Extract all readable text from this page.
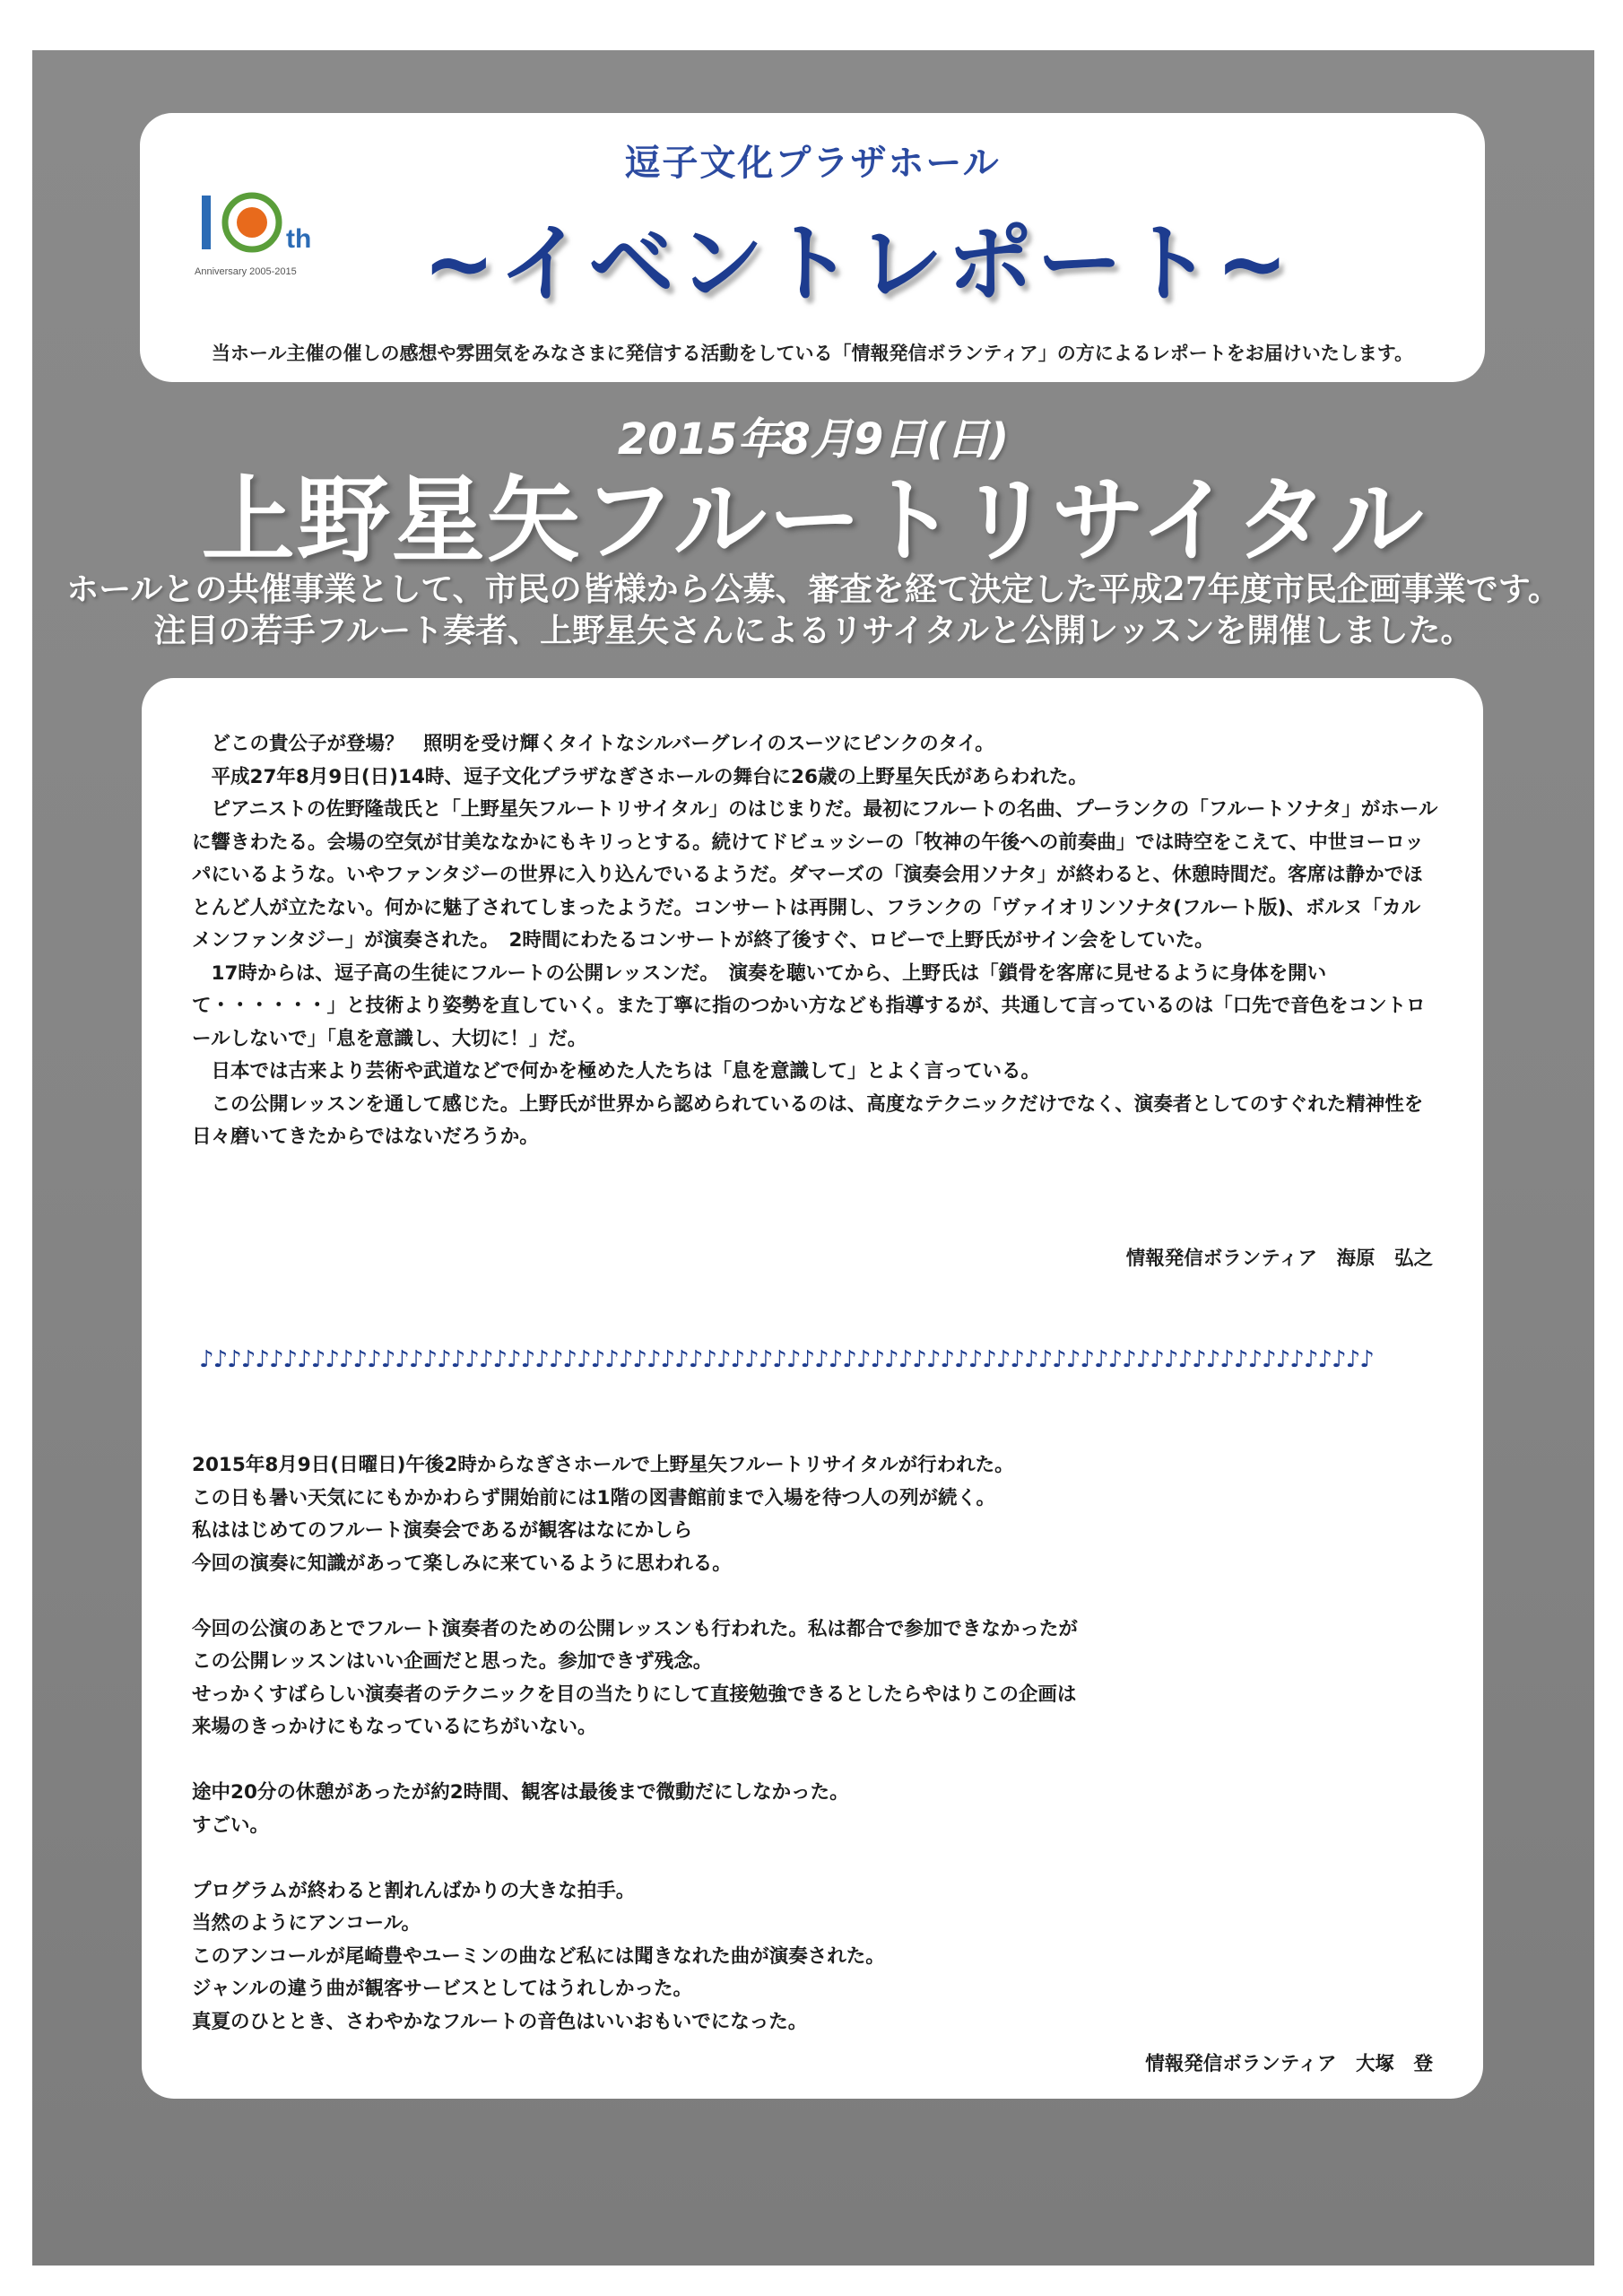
th
Anniversary 2005-2015
逗子文化プラザホール
~イベントレポート~
当ホール主催の催しの感想や雰囲気をみなさまに発信する活動をしている「情報発信ボランティア」の方によるレポートをお届けいたします。
2015年8月9日(日)
上野星矢フルートリサイタル
ホールとの共催事業として、市民の皆様から公募、審査を経て決定した平成27年度市民企画事業です。
注目の若手フルート奏者、上野星矢さんによるリサイタルと公開レッスンを開催しました。

どこの貴公子が登場？　照明を受け輝くタイトなシルバーグレイのスーツにピンクのタイ。

平成27年8月9日(日)14時、逗子文化プラザなぎさホールの舞台に26歳の上野星矢氏があらわれた。

ピアニストの佐野隆哉氏と「上野星矢フルートリサイタル」のはじまりだ。最初にフルートの名曲、プーランクの「フルートソナタ」がホールに響きわたる。会場の空気が甘美ななかにもキリっとする。続けてドビュッシーの「牧神の午後への前奏曲」では時空をこえて、中世ヨーロッパにいるような。いやファンタジーの世界に入り込んでいるようだ。ダマーズの「演奏会用ソナタ」が終わると、休憩時間だ。客席は静かでほとんど人が立たない。何かに魅了されてしまったようだ。コンサートは再開し、フランクの「ヴァイオリンソナタ(フルート版)、ボルヌ「カルメンファンタジー」が演奏された。　2時間にわたるコンサートが終了後すぐ、ロビーで上野氏がサイン会をしていた。

17時からは、逗子高の生徒にフルートの公開レッスンだ。　演奏を聴いてから、上野氏は「鎖骨を客席に見せるように身体を開いて・・・・・・」と技術より姿勢を直していく。また丁寧に指のつかい方なども指導するが、共通して言っているのは「口先で音色をコントロールしないで」「息を意識し、大切に！」だ。

日本では古来より芸術や武道などで何かを極めた人たちは「息を意識して」とよく言っている。

この公開レッスンを通して感じた。上野氏が世界から認められているのは、高度なテクニックだけでなく、演奏者としてのすぐれた精神性を日々磨いてきたからではないだろうか。

情報発信ボランティア　海原　弘之
♪♪♪♪♪♪♪♪♪♪♪♪♪♪♪♪♪♪♪♪♪♪♪♪♪♪♪♪♪♪♪♪♪♪♪♪♪♪♪♪♪♪♪♪♪♪♪♪♪♪♪♪♪♪♪♪♪♪♪♪♪♪♪♪♪♪♪♪♪♪♪♪♪♪♪♪♪♪♪♪♪♪♪♪

2015年8月9日(日曜日)午後2時からなぎさホールで上野星矢フルートリサイタルが行われた。

この日も暑い天気ににもかかわらず開始前には1階の図書館前まで入場を待つ人の列が続く。

私ははじめてのフルート演奏会であるが観客はなにかしら

今回の演奏に知識があって楽しみに来ているように思われる。

今回の公演のあとでフルート演奏者のための公開レッスンも行われた。私は都合で参加できなかったが

この公開レッスンはいい企画だと思った。参加できず残念。

せっかくすばらしい演奏者のテクニックを目の当たりにして直接勉強できるとしたらやはりこの企画は

来場のきっかけにもなっているにちがいない。

途中20分の休憩があったが約2時間、観客は最後まで微動だにしなかった。

すごい。

プログラムが終わると割れんばかりの大きな拍手。

当然のようにアンコール。

このアンコールが尾崎豊やユーミンの曲など私には聞きなれた曲が演奏された。

ジャンルの違う曲が観客サービスとしてはうれしかった。

真夏のひととき、さわやかなフルートの音色はいいおもいでになった。

情報発信ボランティア　大塚　登
